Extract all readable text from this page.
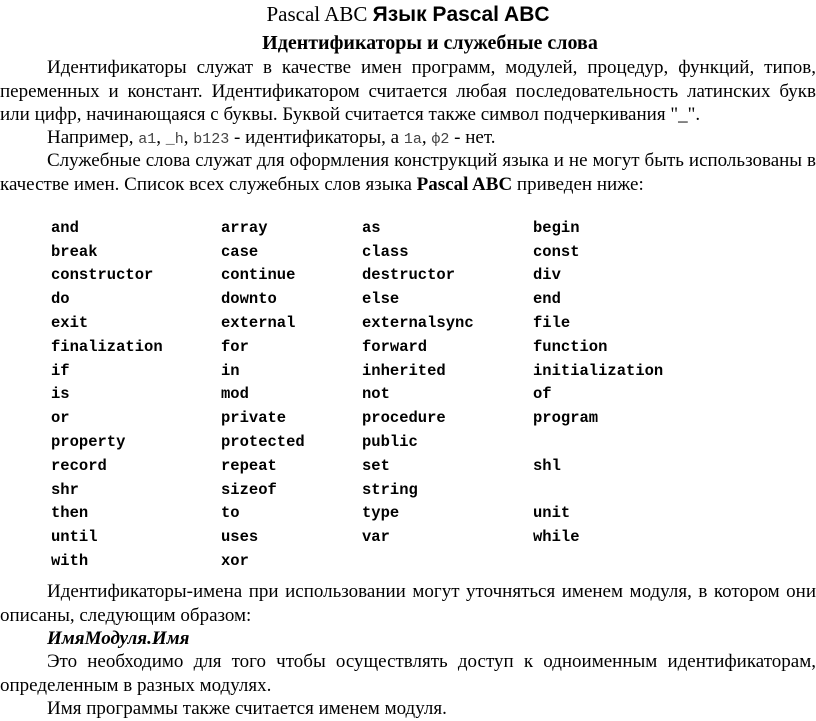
Pascal ABC Язык Pascal ABC
Идентификаторы и служебные слова
Идентификаторы служат в качестве имен программ, модулей, процедур, функций, типов, переменных и констант. Идентификатором считается любая последовательность латинских букв или цифр, начинающаяся с буквы. Буквой считается также символ подчеркивания "_".
Например, a1, _h, b123 - идентификаторы, а 1a, ф2 - нет.
Служебные слова служат для оформления конструкций языка и не могут быть использованы в качестве имен. Список всех служебных слов языка Pascal ABC приведен ниже:
and	array	as	begin
break	case	class	const
constructor	continue	destructor	div
do	downto	else	end
exit	external	externalsync	file
finalization	for	forward	function
if	in	inherited	initialization
is	mod	not	of
or	private	procedure	program
property	protected	public	
record	repeat	set	shl
shr	sizeof	string	
then	to	type	unit
until	uses	var	while
with	xor		
Идентификаторы-имена при использовании могут уточняться именем модуля, в котором они описаны, следующим образом:
ИмяМодуля.Имя
Это необходимо для того чтобы осуществлять доступ к одноименным идентификаторам, определенным в разных модулях.
Имя программы также считается именем модуля.
